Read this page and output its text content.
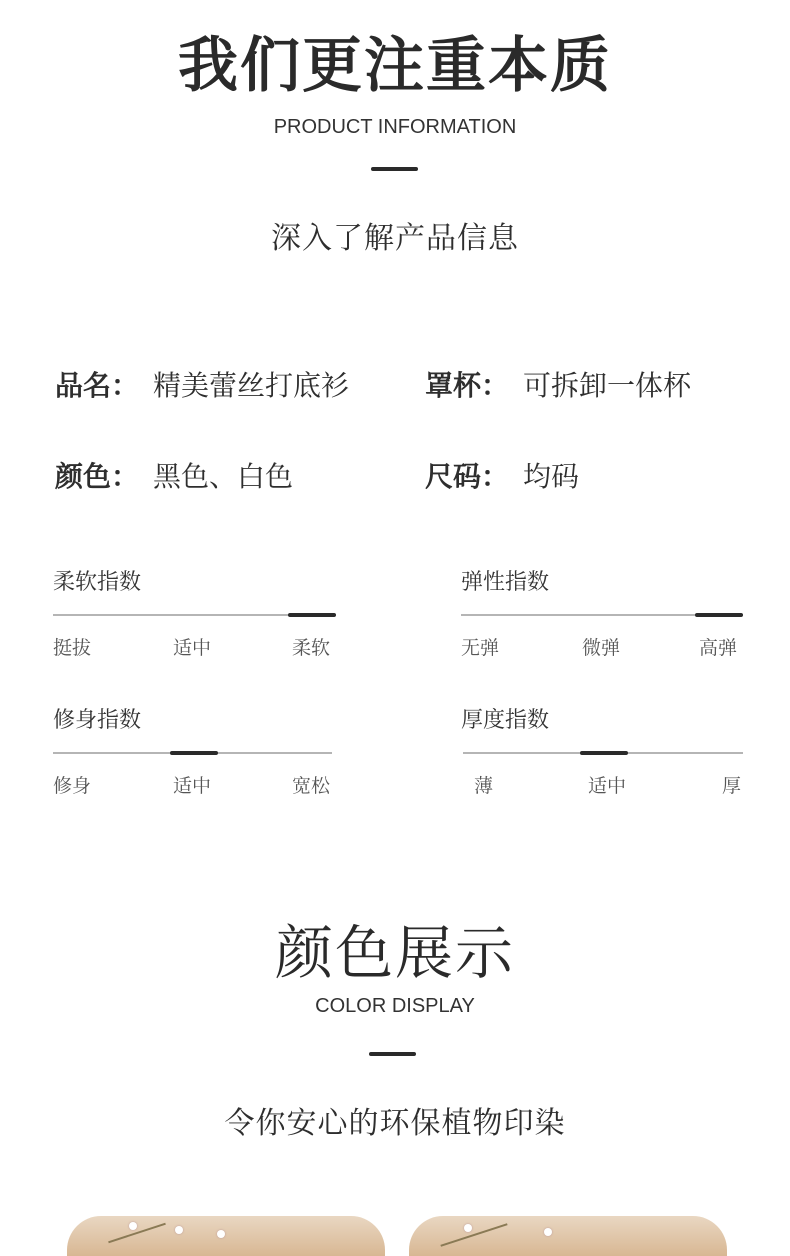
我们更注重本质
PRODUCT INFORMATION
深入了解产品信息
品名： 精美蕾丝打底衫	罩杯： 可拆卸一体杯
颜色： 黑色、白色	尺码： 均码
柔软指数
挺拔	适中	柔软
弹性指数
无弹	微弹	高弹
修身指数
修身	适中	宽松
厚度指数
薄	适中	厚
颜色展示
COLOR DISPLAY
令你安心的环保植物印染
